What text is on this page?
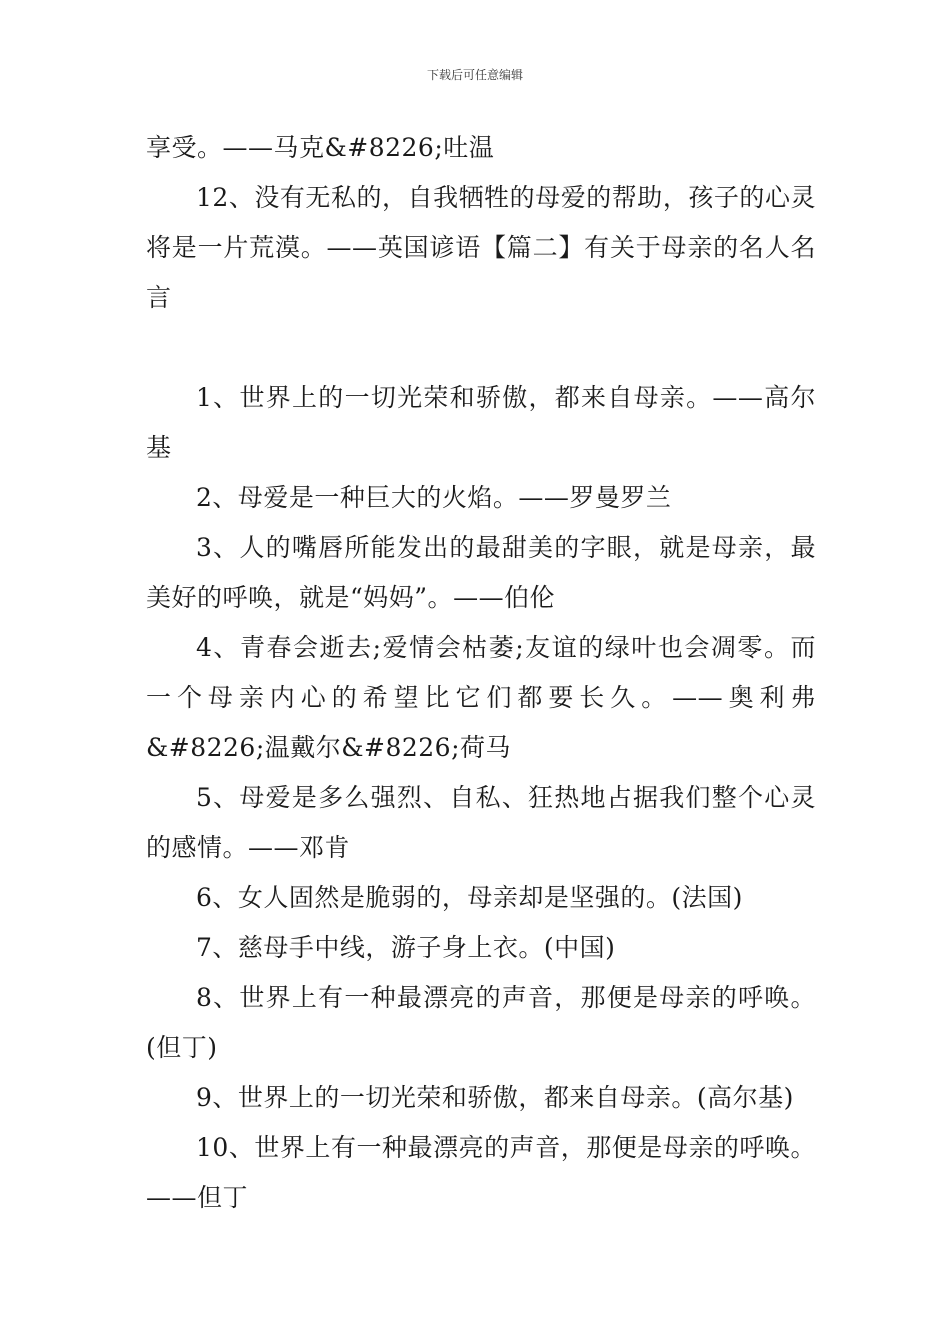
下载后可任意编辑

享受。——马克&#8226;吐温

12、没有无私的，自我牺牲的母爱的帮助，孩子的心灵将是一片荒漠。——英国谚语【篇二】有关于母亲的名人名言

1、世界上的一切光荣和骄傲，都来自母亲。——高尔基

2、母爱是一种巨大的火焰。——罗曼罗兰

3、人的嘴唇所能发出的最甜美的字眼，就是母亲，最美好的呼唤，就是“妈妈”。——伯伦

4、青春会逝去;爱情会枯萎;友谊的绿叶也会凋零。而一个母亲内心的希望比它们都要长久。——奥利弗&#8226;温戴尔&#8226;荷马

5、母爱是多么强烈、自私、狂热地占据我们整个心灵的感情。——邓肯

6、女人固然是脆弱的，母亲却是坚强的。(法国)

7、慈母手中线，游子身上衣。(中国)

8、世界上有一种最漂亮的声音，那便是母亲的呼唤。(但丁)

9、世界上的一切光荣和骄傲，都来自母亲。(高尔基)

10、世界上有一种最漂亮的声音，那便是母亲的呼唤。——但丁
